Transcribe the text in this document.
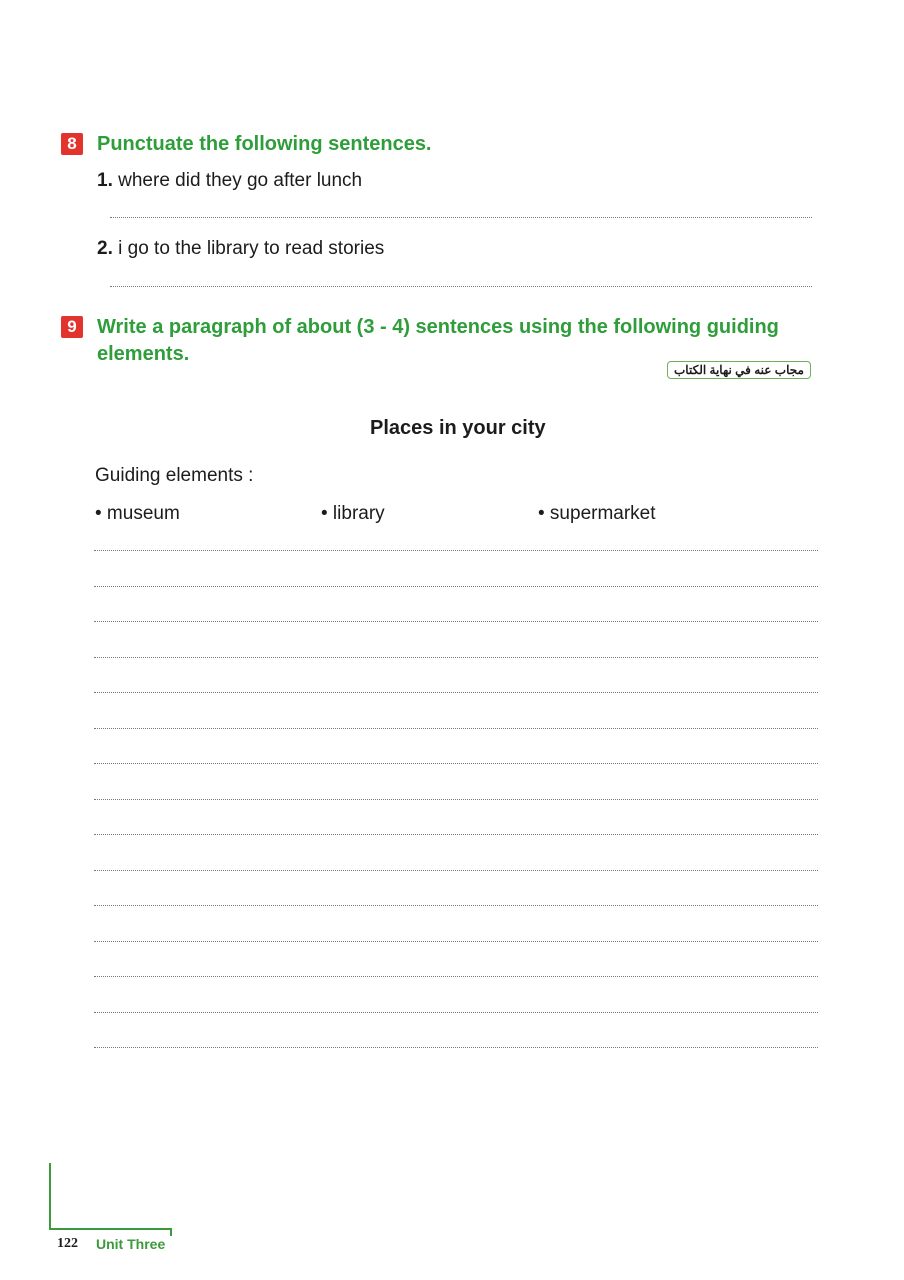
8	Punctuate the following sentences.
1. where did they go after lunch
2. i go to the library to read stories
9	Write a paragraph of about (3 - 4) sentences using the following guiding
elements.
مجاب عنه في نهاية الكتاب
Places in your city
Guiding elements :
• museum	• library	• supermarket
122 Unit Three
